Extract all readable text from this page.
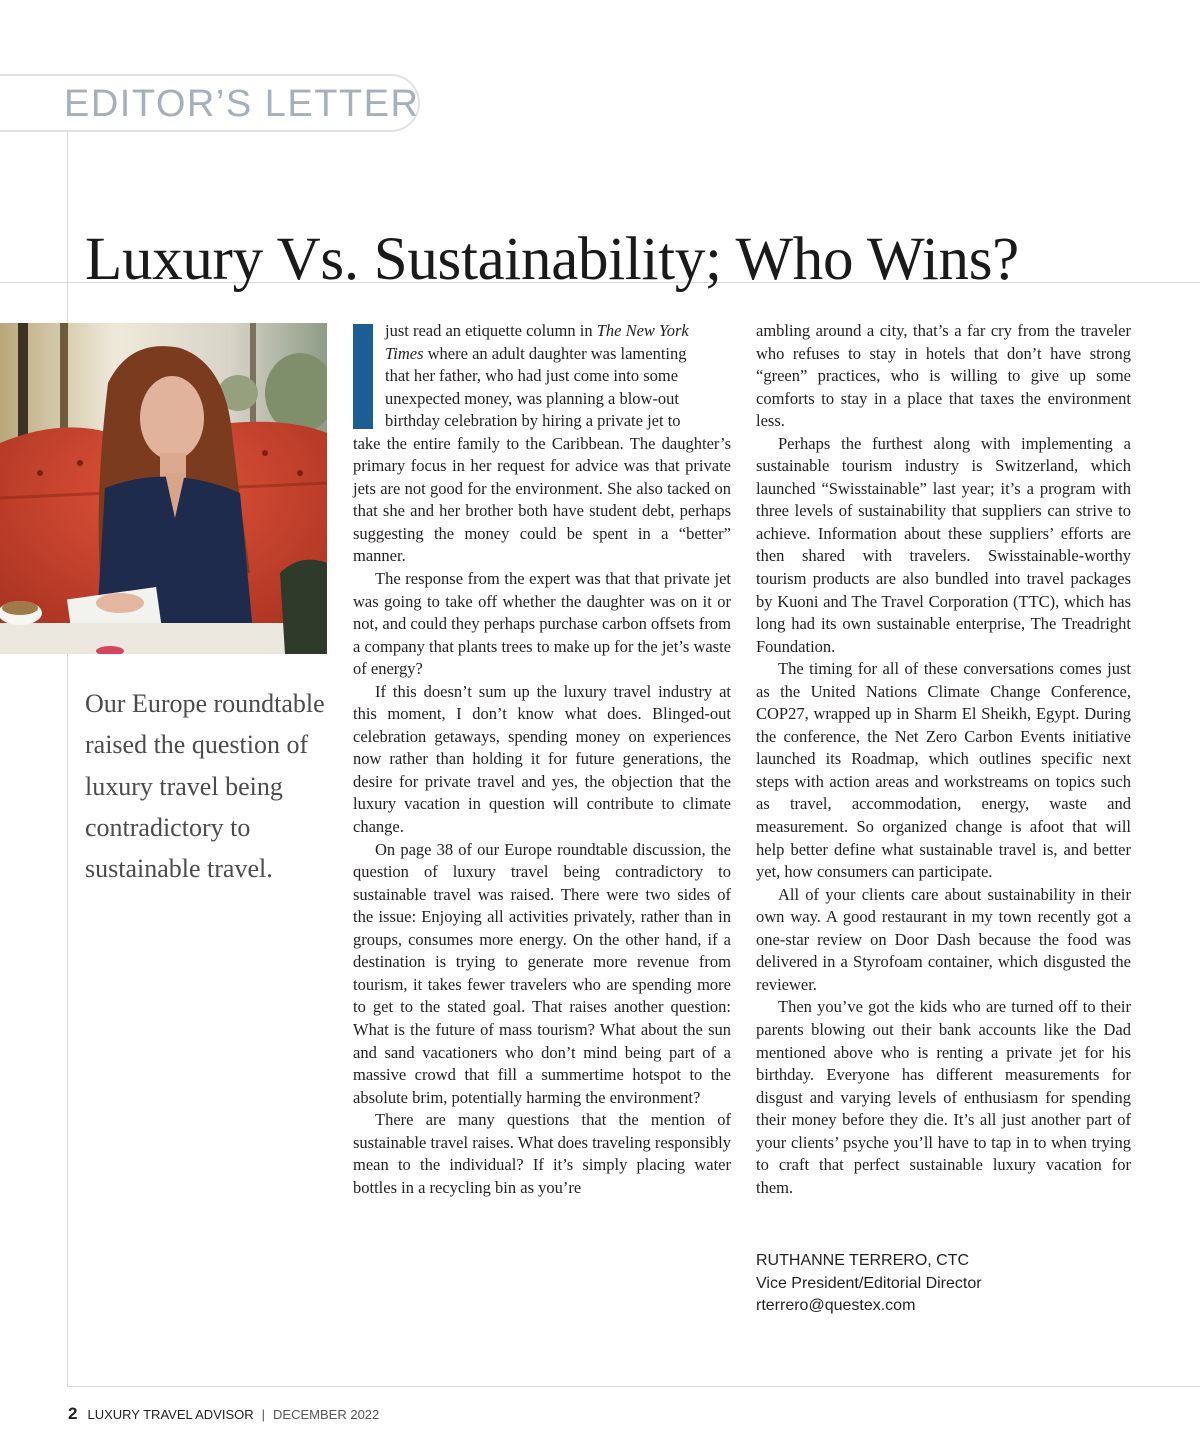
EDITOR’S LETTER
Luxury Vs. Sustainability; Who Wins?
Our Europe roundtable raised the question of luxury travel being contradictory to sustainable travel.
just read an etiquette column in The New York
Times where an adult daughter was lamenting
that her father, who had just come into some
unexpected money, was planning a blow-out
birthday celebration by hiring a private jet to

take the entire family to the Caribbean. The daughter’s primary focus in her request for advice was that private jets are not good for the environment. She also tacked on that she and her brother both have student debt, perhaps suggesting the money could be spent in a “better” manner.

The response from the expert was that that private jet was going to take off whether the daughter was on it or not, and could they perhaps purchase carbon offsets from a company that plants trees to make up for the jet’s waste of energy?

If this doesn’t sum up the luxury travel industry at this moment, I don’t know what does. Blinged-out celebration getaways, spending money on experiences now rather than holding it for future generations, the desire for private travel and yes, the objection that the luxury vacation in question will contribute to climate change.

On page 38 of our Europe roundtable discussion, the question of luxury travel being contradictory to sustainable travel was raised. There were two sides of the issue: Enjoying all activities privately, rather than in groups, consumes more energy. On the other hand, if a destination is trying to generate more revenue from tourism, it takes fewer travelers who are spending more to get to the stated goal. That raises another question: What is the future of mass tourism? What about the sun and sand vacationers who don’t mind being part of a massive crowd that fill a summertime hotspot to the absolute brim, potentially harming the environment?

There are many questions that the mention of sustainable travel raises. What does traveling responsibly mean to the individual? If it’s simply placing water bottles in a recycling bin as you’re

ambling around a city, that’s a far cry from the traveler who refuses to stay in hotels that don’t have strong “green” practices, who is willing to give up some comforts to stay in a place that taxes the environment less.

Perhaps the furthest along with implementing a sustainable tourism industry is Switzerland, which launched “Swisstainable” last year; it’s a program with three levels of sustainability that suppliers can strive to achieve. Information about these suppliers’ efforts are then shared with travelers. Swisstainable-worthy tourism products are also bundled into travel packages by Kuoni and The Travel Corporation (TTC), which has long had its own sustainable enterprise, The Treadright Foundation.

The timing for all of these conversations comes just as the United Nations Climate Change Conference, COP27, wrapped up in Sharm El Sheikh, Egypt. During the conference, the Net Zero Carbon Events initiative launched its Roadmap, which outlines specific next steps with action areas and workstreams on topics such as travel, accommodation, energy, waste and measurement. So organized change is afoot that will help better define what sustainable travel is, and better yet, how consumers can participate.

All of your clients care about sustainability in their own way. A good restaurant in my town recently got a one-star review on Door Dash because the food was delivered in a Styrofoam container, which disgusted the reviewer.

Then you’ve got the kids who are turned off to their parents blowing out their bank accounts like the Dad mentioned above who is renting a private jet for his birthday. Everyone has different measurements for disgust and varying levels of enthusiasm for spending their money before they die. It’s all just another part of your clients’ psyche you’ll have to tap in to when trying to craft that perfect sustainable luxury vacation for them.

RUTHANNE TERRERO, CTC
Vice President/Editorial Director
rterrero@questex.com
2 LUXURY TRAVEL ADVISOR | DECEMBER 2022
